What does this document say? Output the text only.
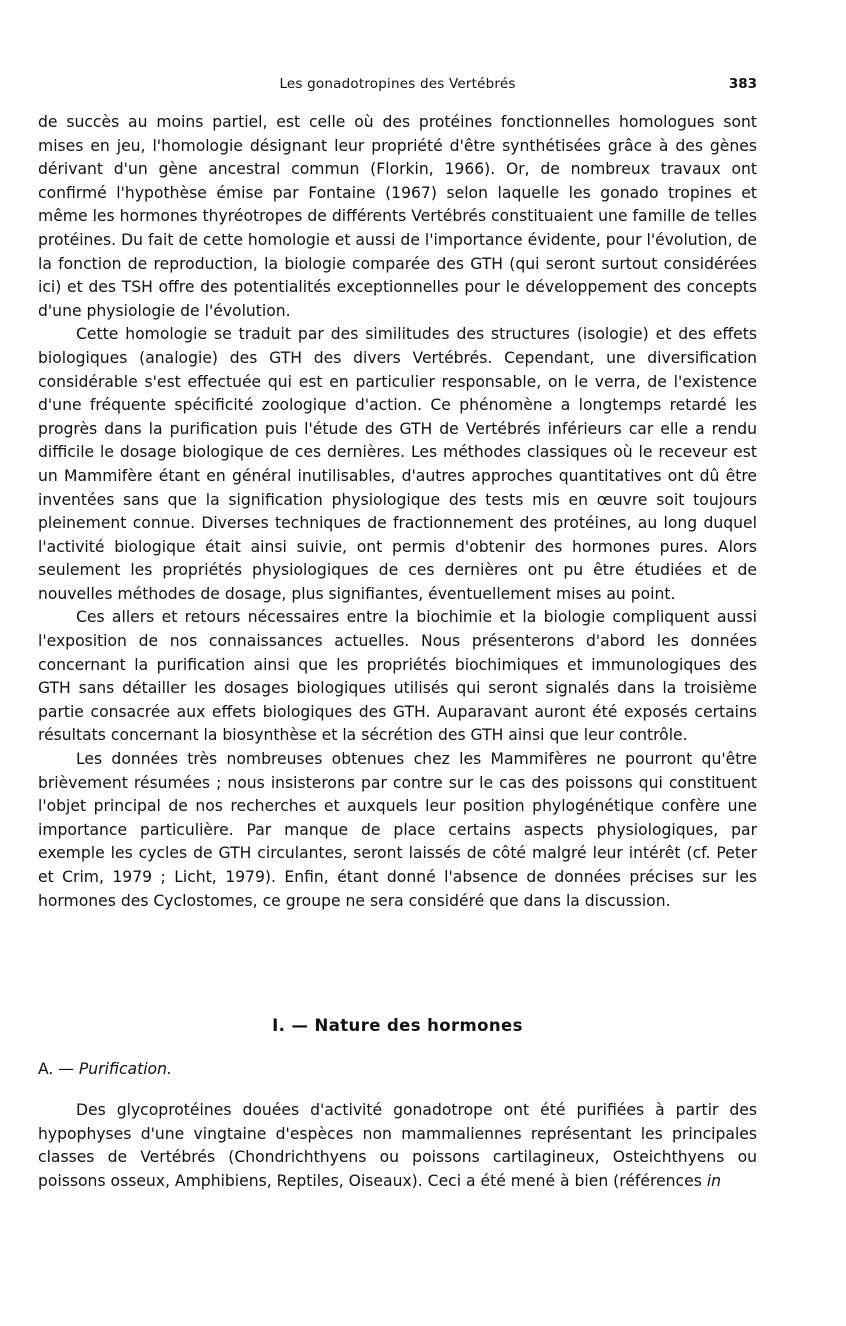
Les gonadotropines des Vertébrés	383

de succès au moins partiel, est celle où des protéines fonctionnelles homologues sont mises en jeu, l'homologie désignant leur propriété d'être synthétisées grâce à des gènes dérivant d'un gène ancestral commun (Florkin, 1966). Or, de nombreux travaux ont confirmé l'hypothèse émise par Fontaine (1967) selon laquelle les gonado tropines et même les hormones thyréotropes de différents Vertébrés constituaient une famille de telles protéines. Du fait de cette homologie et aussi de l'importance évidente, pour l'évolution, de la fonction de reproduction, la biologie comparée des GTH (qui seront surtout considérées ici) et des TSH offre des potentialités exceptionnelles pour le développement des concepts d'une physiologie de l'évolution.

Cette homologie se traduit par des similitudes des structures (isologie) et des effets biologiques (analogie) des GTH des divers Vertébrés. Cependant, une diversification considérable s'est effectuée qui est en particulier responsable, on le verra, de l'existence d'une fréquente spécificité zoologique d'action. Ce phénomène a longtemps retardé les progrès dans la purification puis l'étude des GTH de Vertébrés inférieurs car elle a rendu difficile le dosage biologique de ces dernières. Les méthodes classiques où le receveur est un Mammifère étant en général inutilisables, d'autres approches quantitatives ont dû être inventées sans que la signification physiologique des tests mis en œuvre soit toujours pleinement connue. Diverses techniques de fractionnement des protéines, au long duquel l'activité biologique était ainsi suivie, ont permis d'obtenir des hormones pures. Alors seulement les propriétés physiologiques de ces dernières ont pu être étudiées et de nouvelles méthodes de dosage, plus signifiantes, éventuellement mises au point.

Ces allers et retours nécessaires entre la biochimie et la biologie compliquent aussi l'exposition de nos connaissances actuelles. Nous présenterons d'abord les données concernant la purification ainsi que les propriétés biochimiques et immunologiques des GTH sans détailler les dosages biologiques utilisés qui seront signalés dans la troisième partie consacrée aux effets biologiques des GTH. Auparavant auront été exposés certains résultats concernant la biosynthèse et la sécrétion des GTH ainsi que leur contrôle.

Les données très nombreuses obtenues chez les Mammifères ne pourront qu'être brièvement résumées ; nous insisterons par contre sur le cas des poissons qui constituent l'objet principal de nos recherches et auxquels leur position phylogénétique confère une importance particulière. Par manque de place certains aspects physiologiques, par exemple les cycles de GTH circulantes, seront laissés de côté malgré leur intérêt (cf. Peter et Crim, 1979 ; Licht, 1979). Enfin, étant donné l'absence de données précises sur les hormones des Cyclostomes, ce groupe ne sera considéré que dans la discussion.

I. — Nature des hormones
A. — Purification.

Des glycoprotéines douées d'activité gonadotrope ont été purifiées à partir des hypophyses d'une vingtaine d'espèces non mammaliennes représentant les principales classes de Vertébrés (Chondrichthyens ou poissons cartilagineux, Osteichthyens ou poissons osseux, Amphibiens, Reptiles, Oiseaux). Ceci a été mené à bien (références in
